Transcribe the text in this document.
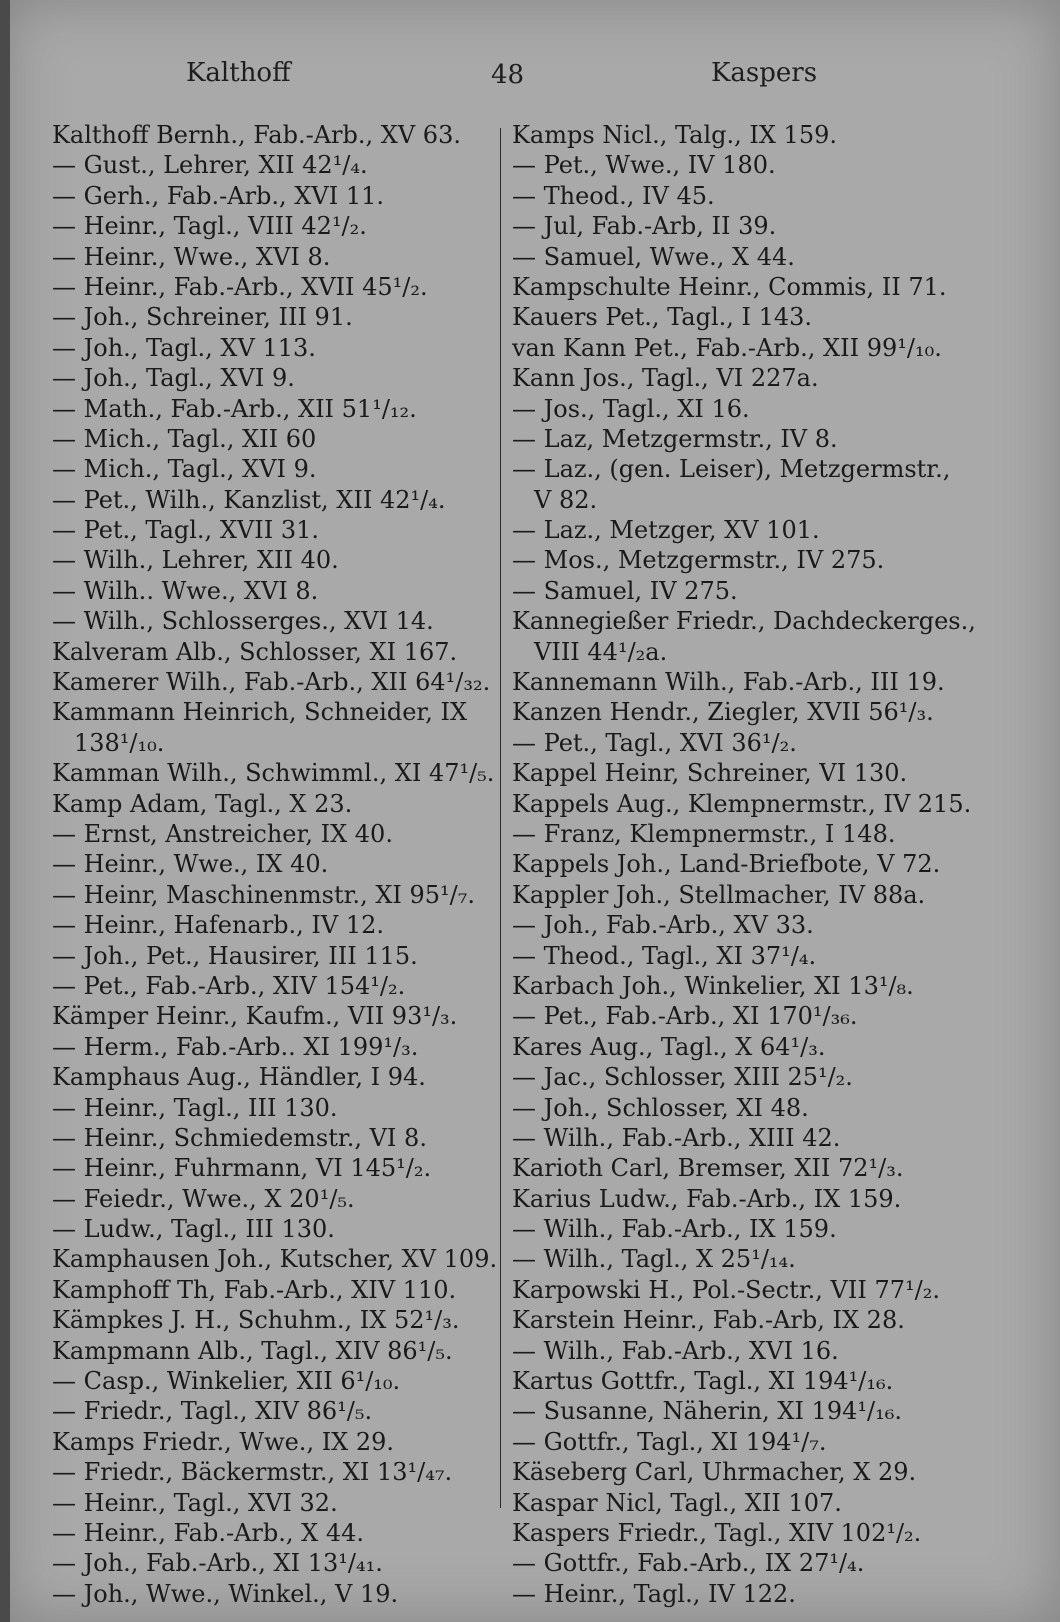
Kalthoff	48	Kaspers
Kalthoff Bernh., Fab.-Arb., XV 63.
— Gust., Lehrer, XII 42¹/₄.
— Gerh., Fab.-Arb., XVI 11.
— Heinr., Tagl., VIII 42¹/₂.
— Heinr., Wwe., XVI 8.
— Heinr., Fab.-Arb., XVII 45¹/₂.
— Joh., Schreiner, III 91.
— Joh., Tagl., XV 113.
— Joh., Tagl., XVI 9.
— Math., Fab.-Arb., XII 51¹/₁₂.
— Mich., Tagl., XII 60
— Mich., Tagl., XVI 9.
— Pet., Wilh., Kanzlist, XII 42¹/₄.
— Pet., Tagl., XVII 31.
— Wilh., Lehrer, XII 40.
— Wilh.. Wwe., XVI 8.
— Wilh., Schlosserges., XVI 14.
Kalveram Alb., Schlosser, XI 167.
Kamerer Wilh., Fab.-Arb., XII 64¹/₃₂.
Kammann Heinrich, Schneider, IX
138¹/₁₀.
Kamman Wilh., Schwimml., XI 47¹/₅.
Kamp Adam, Tagl., X 23.
— Ernst, Anstreicher, IX 40.
— Heinr., Wwe., IX 40.
— Heinr, Maschinenmstr., XI 95¹/₇.
— Heinr., Hafenarb., IV 12.
— Joh., Pet., Hausirer, III 115.
— Pet., Fab.-Arb., XIV 154¹/₂.
Kämper Heinr., Kaufm., VII 93¹/₃.
— Herm., Fab.-Arb.. XI 199¹/₃.
Kamphaus Aug., Händler, I 94.
— Heinr., Tagl., III 130.
— Heinr., Schmiedemstr., VI 8.
— Heinr., Fuhrmann, VI 145¹/₂.
— Feiedr., Wwe., X 20¹/₅.
— Ludw., Tagl., III 130.
Kamphausen Joh., Kutscher, XV 109.
Kamphoff Th, Fab.-Arb., XIV 110.
Kämpkes J. H., Schuhm., IX 52¹/₃.
Kampmann Alb., Tagl., XIV 86¹/₅.
— Casp., Winkelier, XII 6¹/₁₀.
— Friedr., Tagl., XIV 86¹/₅.
Kamps Friedr., Wwe., IX 29.
— Friedr., Bäckermstr., XI 13¹/₄₇.
— Heinr., Tagl., XVI 32.
— Heinr., Fab.-Arb., X 44.
— Joh., Fab.-Arb., XI 13¹/₄₁.
— Joh., Wwe., Winkel., V 19.
Kamps Nicl., Talg., IX 159.
— Pet., Wwe., IV 180.
— Theod., IV 45.
— Jul, Fab.-Arb, II 39.
— Samuel, Wwe., X 44.
Kampschulte Heinr., Commis, II 71.
Kauers Pet., Tagl., I 143.
van Kann Pet., Fab.-Arb., XII 99¹/₁₀.
Kann Jos., Tagl., VI 227a.
— Jos., Tagl., XI 16.
— Laz, Metzgermstr., IV 8.
— Laz., (gen. Leiser), Metzgermstr.,
V 82.
— Laz., Metzger, XV 101.
— Mos., Metzgermstr., IV 275.
— Samuel, IV 275.
Kannegießer Friedr., Dachdeckerges.,
VIII 44¹/₂a.
Kannemann Wilh., Fab.-Arb., III 19.
Kanzen Hendr., Ziegler, XVII 56¹/₃.
— Pet., Tagl., XVI 36¹/₂.
Kappel Heinr, Schreiner, VI 130.
Kappels Aug., Klempnermstr., IV 215.
— Franz, Klempnermstr., I 148.
Kappels Joh., Land-Briefbote, V 72.
Kappler Joh., Stellmacher, IV 88a.
— Joh., Fab.-Arb., XV 33.
— Theod., Tagl., XI 37¹/₄.
Karbach Joh., Winkelier, XI 13¹/₈.
— Pet., Fab.-Arb., XI 170¹/₃₆.
Kares Aug., Tagl., X 64¹/₃.
— Jac., Schlosser, XIII 25¹/₂.
— Joh., Schlosser, XI 48.
— Wilh., Fab.-Arb., XIII 42.
Karioth Carl, Bremser, XII 72¹/₃.
Karius Ludw., Fab.-Arb., IX 159.
— Wilh., Fab.-Arb., IX 159.
— Wilh., Tagl., X 25¹/₁₄.
Karpowski H., Pol.-Sectr., VII 77¹/₂.
Karstein Heinr., Fab.-Arb, IX 28.
— Wilh., Fab.-Arb., XVI 16.
Kartus Gottfr., Tagl., XI 194¹/₁₆.
— Susanne, Näherin, XI 194¹/₁₆.
— Gottfr., Tagl., XI 194¹/₇.
Käseberg Carl, Uhrmacher, X 29.
Kaspar Nicl, Tagl., XII 107.
Kaspers Friedr., Tagl., XIV 102¹/₂.
— Gottfr., Fab.-Arb., IX 27¹/₄.
— Heinr., Tagl., IV 122.
